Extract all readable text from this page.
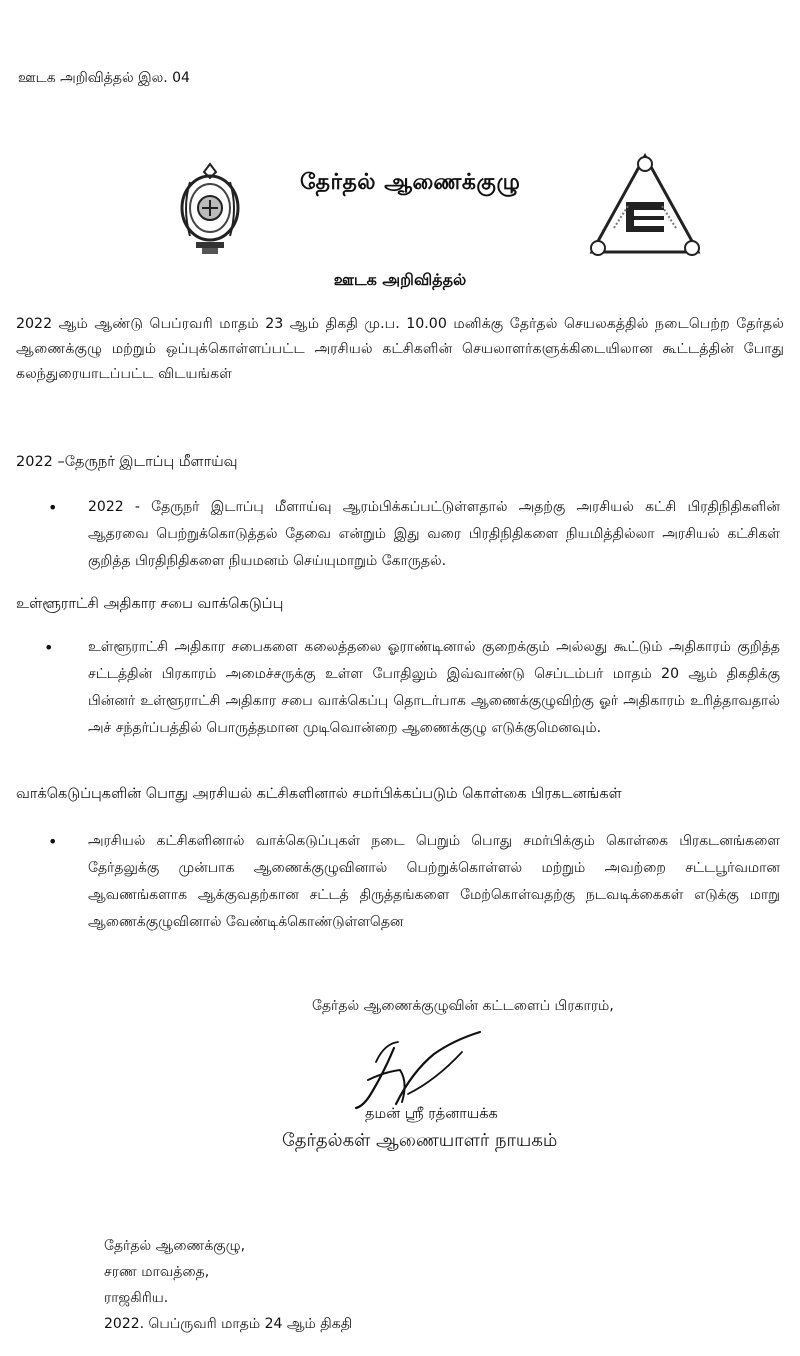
ஊடக அறிவித்தல் இல. 04
தேர்தல் ஆணைக்குழு
ஊடக அறிவித்தல்
2022 ஆம் ஆண்டு பெப்ரவரி மாதம் 23 ஆம் திகதி மு.ப. 10.00 மனிக்கு தேர்தல் செயலகத்தில் நடைபெற்ற தேர்தல் ஆணைக்குழு மற்றும் ஒப்புக்கொள்ளப்பட்ட அரசியல் கட்சிகளின் செயலாளர்களுக்கிடையிலான கூட்டத்தின் போது கலந்துரையாடப்பட்ட விடயங்கள்
2022 –தேருநர் இடாப்பு மீளாய்வு
• 2022 - தேருநர் இடாப்பு மீளாய்வு ஆரம்பிக்கப்பட்டுள்ளதால் அதற்கு அரசியல் கட்சி பிரதிநிதிகளின் ஆதரவை பெற்றுக்கொடுத்தல் தேவை என்றும் இது வரை பிரதிநிதிகளை நியமித்தில்லா அரசியல் கட்சிகள் குறித்த பிரதிநிதிகளை நியமனம் செய்யுமாறும் கோருதல்.
உள்ளூராட்சி அதிகார சபை வாக்கெடுப்பு
• உள்ளூராட்சி அதிகார சபைகளை கலைத்தலை ஓராண்டினால் குறைக்கும் அல்லது கூட்டும் அதிகாரம் குறித்த சட்டத்தின் பிரகாரம் அமைச்சருக்கு உள்ள போதிலும் இவ்வாண்டு செப்டம்பர் மாதம் 20 ஆம் திகதிக்கு பின்னர் உள்ளூராட்சி அதிகார சபை வாக்கெப்பு தொடர்பாக ஆணைக்குழுவிற்கு ஓர் அதிகாரம் உரித்தாவதால் அச் சந்தர்ப்பத்தில் பொருத்தமான முடிவொன்றை ஆணைக்குழு எடுக்குமெனவும்.
வாக்கெடுப்புகளின் பொது அரசியல் கட்சிகளினால் சமர்பிக்கப்படும் கொள்கை பிரகடனங்கள்
• அரசியல் கட்சிகளினால் வாக்கெடுப்புகள் நடை பெறும் பொது சமர்பிக்கும் கொள்கை பிரகடனங்களை தேர்தலுக்கு முன்பாக ஆணைக்குழுவினால் பெற்றுக்கொள்ளல் மற்றும் அவற்றை சட்டபூர்வமான ஆவணங்களாக ஆக்குவதற்கான சட்டத் திருத்தங்களை மேற்கொள்வதற்கு நடவடிக்கைகள் எடுக்கு மாறு ஆணைக்குழுவினால் வேண்டிக்கொண்டுள்ளதென
தேர்தல் ஆணைக்குழுவின் கட்டளைப் பிரகாரம்,
தமன் ஸ்ரீ ரத்னாயக்க
தேர்தல்கள் ஆணையாளர் நாயகம்
தேர்தல் ஆணைக்குழு,
சரண மாவத்தை,
ராஜகிரிய.
2022. பெப்ருவரி மாதம் 24 ஆம் திகதி
